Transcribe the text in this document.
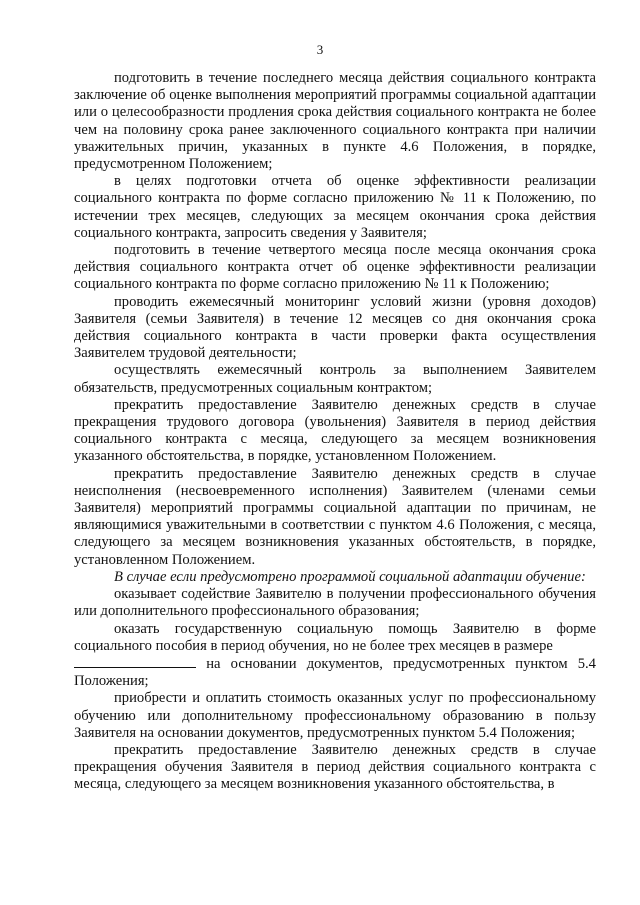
3

подготовить в течение последнего месяца действия социального контракта заключение об оценке выполнения мероприятий программы социальной адаптации или о целесообразности продления срока действия социального контракта не более чем на половину срока ранее заключенного социального контракта при наличии уважительных причин, указанных в пункте 4.6 Положения, в порядке, предусмотренном Положением;

в целях подготовки отчета об оценке эффективности реализации социального контракта по форме согласно приложению № 11 к Положению, по истечении трех месяцев, следующих за месяцем окончания срока действия социального контракта, запросить сведения у Заявителя;

подготовить в течение четвертого месяца после месяца окончания срока действия социального контракта отчет об оценке эффективности реализации социального контракта по форме согласно приложению № 11 к Положению;

проводить ежемесячный мониторинг условий жизни (уровня доходов) Заявителя (семьи Заявителя) в течение 12 месяцев со дня окончания срока действия социального контракта в части проверки факта осуществления Заявителем трудовой деятельности;

осуществлять ежемесячный контроль за выполнением Заявителем обязательств, предусмотренных социальным контрактом;

прекратить предоставление Заявителю денежных средств в случае прекращения трудового договора (увольнения) Заявителя в период действия социального контракта с месяца, следующего за месяцем возникновения указанного обстоятельства, в порядке, установленном Положением.

прекратить предоставление Заявителю денежных средств в случае неисполнения (несвоевременного исполнения) Заявителем (членами семьи Заявителя) мероприятий программы социальной адаптации по причинам, не являющимися уважительными в соответствии с пунктом 4.6 Положения, с месяца, следующего за месяцем возникновения указанных обстоятельств, в порядке, установленном Положением.

В случае если предусмотрено программой социальной адаптации обучение:

оказывает содействие Заявителю в получении профессионального обучения или дополнительного профессионального образования;

оказать государственную социальную помощь Заявителю в форме социального пособия в период обучения, но не более трех месяцев в размере
на основании документов, предусмотренных пунктом 5.4 Положения;

приобрести и оплатить стоимость оказанных услуг по профессиональному обучению или дополнительному профессиональному образованию в пользу Заявителя на основании документов, предусмотренных пунктом 5.4 Положения;

прекратить предоставление Заявителю денежных средств в случае прекращения обучения Заявителя в период действия социального контракта с месяца, следующего за месяцем возникновения указанного обстоятельства, в
